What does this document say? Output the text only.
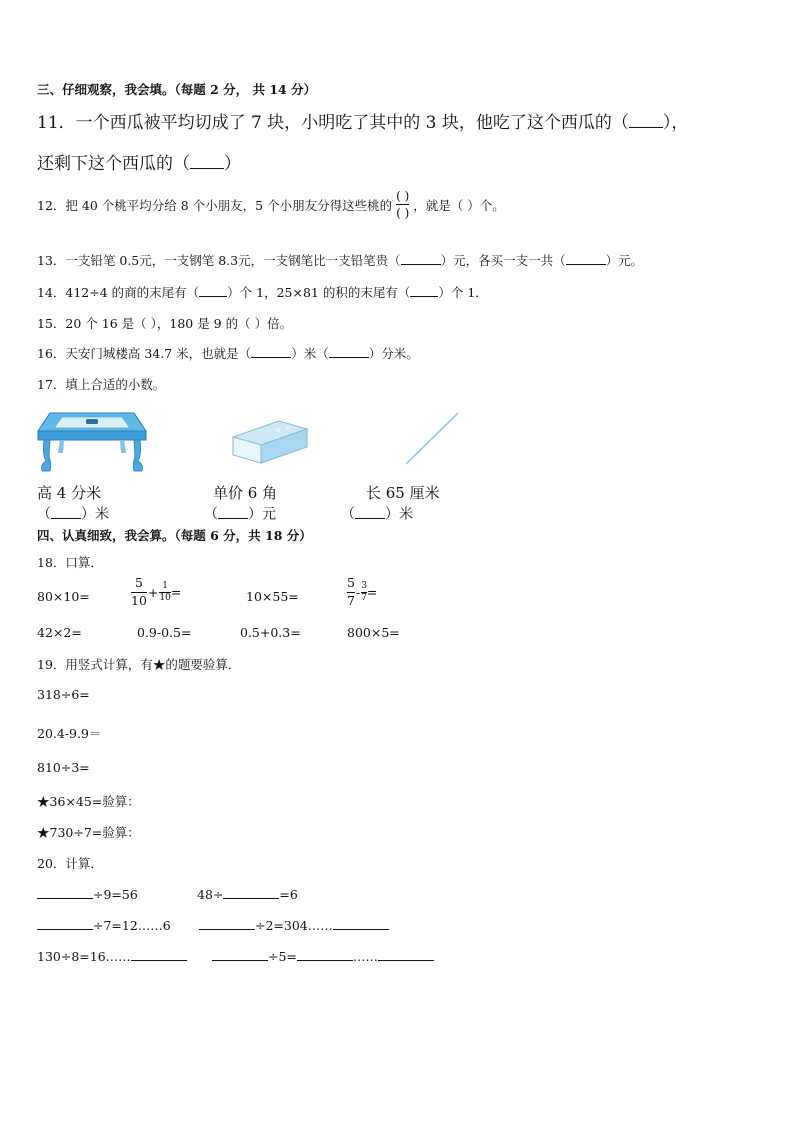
三、仔细观察，我会填。（每题 2 分， 共 14 分）
11．一个西瓜被平均切成了 7 块，小明吃了其中的 3 块，他吃了这个西瓜的（ ），
还剩下这个西瓜的（ ）
12．把 40 个桃平均分给 8 个小朋友，5 个小朋友分得这些桃的 $\frac{( )}{( )}$ ，就是（ ）个。
13．一支铅笔 0.5元，一支钢笔 8.3元，一支钢笔比一支铅笔贵（	）元，各买一支一共（	）元。
14．412÷4 的商的末尾有（ ）个 1，25×81 的积的末尾有（ ）个 1．
15．20 个 16 是（ ），180 是 9 的（ ）倍。
16．天安门城楼高 34.7 米，也就是（	）米（	）分米。
17．填上合适的小数。
✳ ✳
高 4 分米	单价 6 角	长 65 厘米
（ ）米	（ ）元	（ ）米
四、认真细致，我会算。（每题 6 分，共 18 分）
18．口算．
80×10=	$\frac{5}{10} + \frac{1}{10}$ =	10×55=	$\frac{5}{7} - \frac{3}{7}$ =
42×2=	0.9-0.5=	0.5+0.3=	800×5=
19．用竖式计算，有★的题要验算．
318÷6=
20.4-9.9＝
810÷3=
★36×45=验算：
★730÷7=验算：
20．计算．
÷9=56	48÷	=6
÷7=12……6	÷2=304……
130÷8=16……	÷5=	……
